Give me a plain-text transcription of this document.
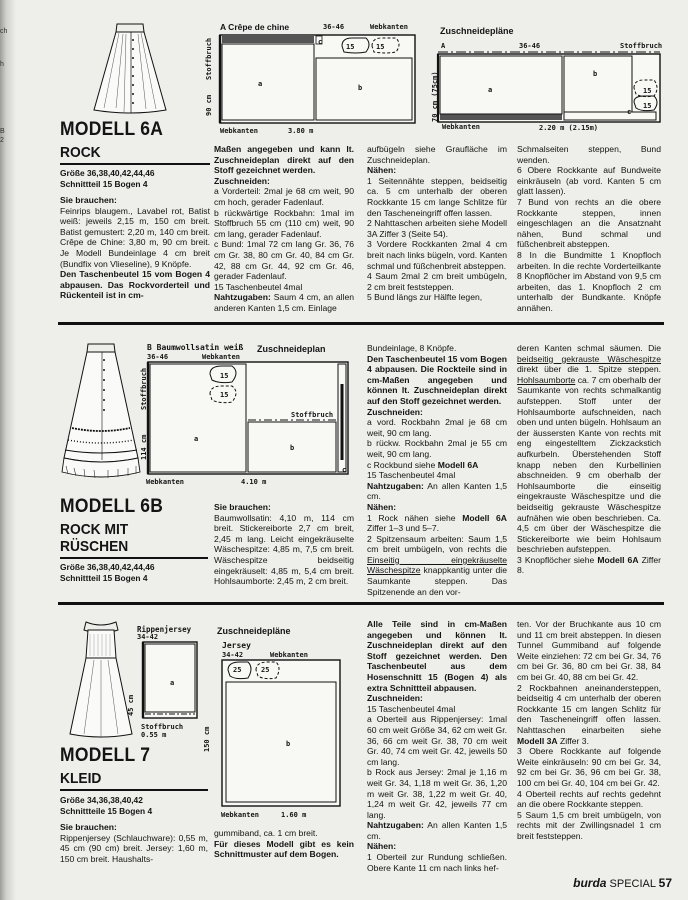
ch
h
B
2
MODELL 6A
ROCK
Größe 36,38,40,42,44,46
Schnittteil 15 Bogen 4
A Crêpe de chine	36-46	Webkanten
a	b
c
15	15
Stoffbruch
90 cm
Webkanten	3.80 m
Zuschneidepläne
A	36-46	Stoffbruch
a
b
c
15
15
70 cm (75cm)
Webkanten	2.20 m (2.15m)

Sie brauchen:

Feinrips blaugem., Lavabel rot, Batist weiß: jeweils 2,15 m, 150 cm breit. Batist gemustert: 2,20 m, 140 cm breit. Crêpe de Chine: 3,80 m, 90 cm breit. Je Modell Bundeinlage 4 cm breit (Bundfix von Vlieseline), 9 Knöpfe.

Den Taschenbeutel 15 vom Bogen 4 abpausen. Das Rockvorderteil und Rückenteil ist in cm-

Maßen angegeben und kann lt. Zuschneideplan direkt auf den Stoff gezeichnet werden.

Zuschneiden:

a Vorderteil: 2mal je 68 cm weit, 90 cm hoch, gerader Fadenlauf.

b rückwärtige Rockbahn: 1mal im Stoffbruch 55 cm (110 cm) weit, 90 cm lang, gerader Fadenlauf.

c Bund: 1mal 72 cm lang Gr. 36, 76 cm Gr. 38, 80 cm Gr. 40, 84 cm Gr. 42, 88 cm Gr. 44, 92 cm Gr. 46, gerader Fadenlauf.

15 Taschenbeutel 4mal

Nahtzugaben: Saum 4 cm, an allen anderen Kanten 1,5 cm. Einlage

aufbügeln siehe Graufläche im Zuschneideplan.

Nähen:

1 Seitennähte steppen, beidseitig ca. 5 cm unterhalb der oberen Rockkante 15 cm lange Schlitze für den Tascheneingriff offen lassen.

2 Nahttaschen arbeiten siehe Modell 3A Ziffer 3 (Seite 54).

3 Vordere Rockkanten 2mal 4 cm breit nach links bügeln, vord. Kanten schmal und füßchenbreit absteppen.

4 Saum 2mal 2 cm breit umbügeln, 2 cm breit feststeppen.

5 Bund längs zur Hälfte legen,

Schmalseiten steppen, Bund wenden.

6 Obere Rockkante auf Bundweite einkräuseln (ab vord. Kanten 5 cm glatt lassen).

7 Bund von rechts an die obere Rockkante steppen, innen eingeschlagen an die Ansatznaht nähen, Bund schmal und füßchenbreit absteppen.

8 In die Bundmitte 1 Knopfloch arbeiten. In die rechte Vorderteilkante 8 Knopflöcher im Abstand von 9,5 cm arbeiten, das 1. Knopfloch 2 cm unterhalb der Bundkante. Knöpfe annähen.

B Baumwollsatin weiß Zuschneideplan
36-46	Webkanten
a
b
c
15
15
Stoffbruch
Stoffbruch
114 cm
Webkanten	4.10 m
MODELL 6B
ROCK MIT
RÜSCHEN
Größe 36,38,40,42,44,46
Schnittteil 15 Bogen 4

Sie brauchen:

Baumwollsatin: 4,10 m, 114 cm breit. Stickereiborte 2,7 cm breit, 2,45 m lang. Leicht eingekräuselte Wäschespitze: 4,85 m, 7,5 cm breit. Wäschespitze beidseitig eingekräuselt: 4,85 m, 5,4 cm breit. Hohlsaumborte: 2,45 m, 2 cm breit.

Bundeinlage, 8 Knöpfe.

Den Taschenbeutel 15 vom Bogen 4 abpausen. Die Rockteile sind in cm-Maßen angegeben und können lt. Zuschneideplan direkt auf den Stoff gezeichnet werden.

Zuschneiden:

a vord. Rockbahn 2mal je 68 cm weit, 90 cm lang.

b rückw. Rockbahn 2mal je 55 cm weit, 90 cm lang.

c Rockbund siehe Modell 6A

15 Taschenbeutel 4mal

Nahtzugaben: An allen Kanten 1,5 cm.

Nähen:

1 Rock nähen siehe Modell 6A Ziffer 1–3 und 5–7.

2 Spitzensaum arbeiten: Saum 1,5 cm breit umbügeln, von rechts die Einseitig eingekräuselte Wäschespitze knappkantig unter die Saumkante steppen. Das Spitzenende an den vor-

deren Kanten schmal säumen. Die beidseitig gekrauste Wäschespitze direkt über die 1. Spitze steppen. Hohlsaumborte ca. 7 cm oberhalb der Saumkante von rechts schmalkantig aufsteppen. Stoff unter der Hohlsaumborte aufschneiden, nach oben und unten bügeln. Hohlsaum an der äussersten Kante von rechts mit eng eingestelltem Zickzackstich aufkurbeln. Überstehenden Stoff knapp neben den Kurbellinien abschneiden. 9 cm oberhalb der Hohlsaumborte die einseitig eingekrauste Wäschespitze und die beidseitig gekrauste Wäschespitze aufnähen wie oben beschrieben. Ca. 4,5 cm über der Wäschespitze die Stickereiborte wie beim Hohlsaum beschrieben aufsteppen.

3 Knopflöcher siehe Modell 6A Ziffer 8.

Rippenjersey
34-42
a
45 cm
Stoffbruch
0.55 m
Zuschneidepläne
Jersey
34-42	Webkanten
b
25	25
150 cm
Webkanten	1.60 m
MODELL 7
KLEID
Größe 34,36,38,40,42
Schnittteile 15 Bogen 4

Sie brauchen:

Rippenjersey (Schlauchware): 0,55 m, 45 cm (90 cm) breit. Jersey: 1,60 m, 150 cm breit. Haushalts-

gummiband, ca. 1 cm breit.

Für dieses Modell gibt es kein Schnittmuster auf dem Bogen.

Alle Teile sind in cm-Maßen angegeben und können lt. Zuschneideplan direkt auf den Stoff gezeichnet werden. Den Taschenbeutel aus dem Hosenschnitt 15 (Bogen 4) als extra Schnittteil abpausen.

Zuschneiden:

15 Taschenbeutel 4mal

a Oberteil aus Rippenjersey: 1mal 60 cm weit Größe 34, 62 cm weit Gr. 36, 66 cm weit Gr. 38, 70 cm weit Gr. 40, 74 cm weit Gr. 42, jeweils 50 cm lang.

b Rock aus Jersey: 2mal je 1,16 m weit Gr. 34, 1,18 m weit Gr. 36, 1,20 m weit Gr. 38, 1,22 m weit Gr. 40, 1,24 m weit Gr. 42, jeweils 77 cm lang.

Nahtzugaben: An allen Kanten 1,5 cm.

Nähen:

1 Oberteil zur Rundung schließen. Obere Kante 11 cm nach links hef-

ten. Vor der Bruchkante aus 10 cm und 11 cm breit absteppen. In diesen Tunnel Gummiband auf folgende Weite einziehen: 72 cm bei Gr. 34, 76 cm bei Gr. 36, 80 cm bei Gr. 38, 84 cm bei Gr. 40, 88 cm bei Gr. 42.

2 Rockbahnen aneinandersteppen, beidseitig 4 cm unterhalb der oberen Rockkante 15 cm langen Schlitz für den Tascheneingriff offen lassen. Nahttaschen einarbeiten siehe Modell 3A Ziffer 3.

3 Obere Rockkante auf folgende Weite einkräuseln: 90 cm bei Gr. 34, 92 cm bei Gr. 36, 96 cm bei Gr. 38, 100 cm bei Gr. 40, 104 cm bei Gr. 42.

4 Oberteil rechts auf rechts gedehnt an die obere Rockkante steppen.

5 Saum 1,5 cm breit umbügeln, von rechts mit der Zwillingsnadel 1 cm breit feststeppen.

burda SPECIAL 57
